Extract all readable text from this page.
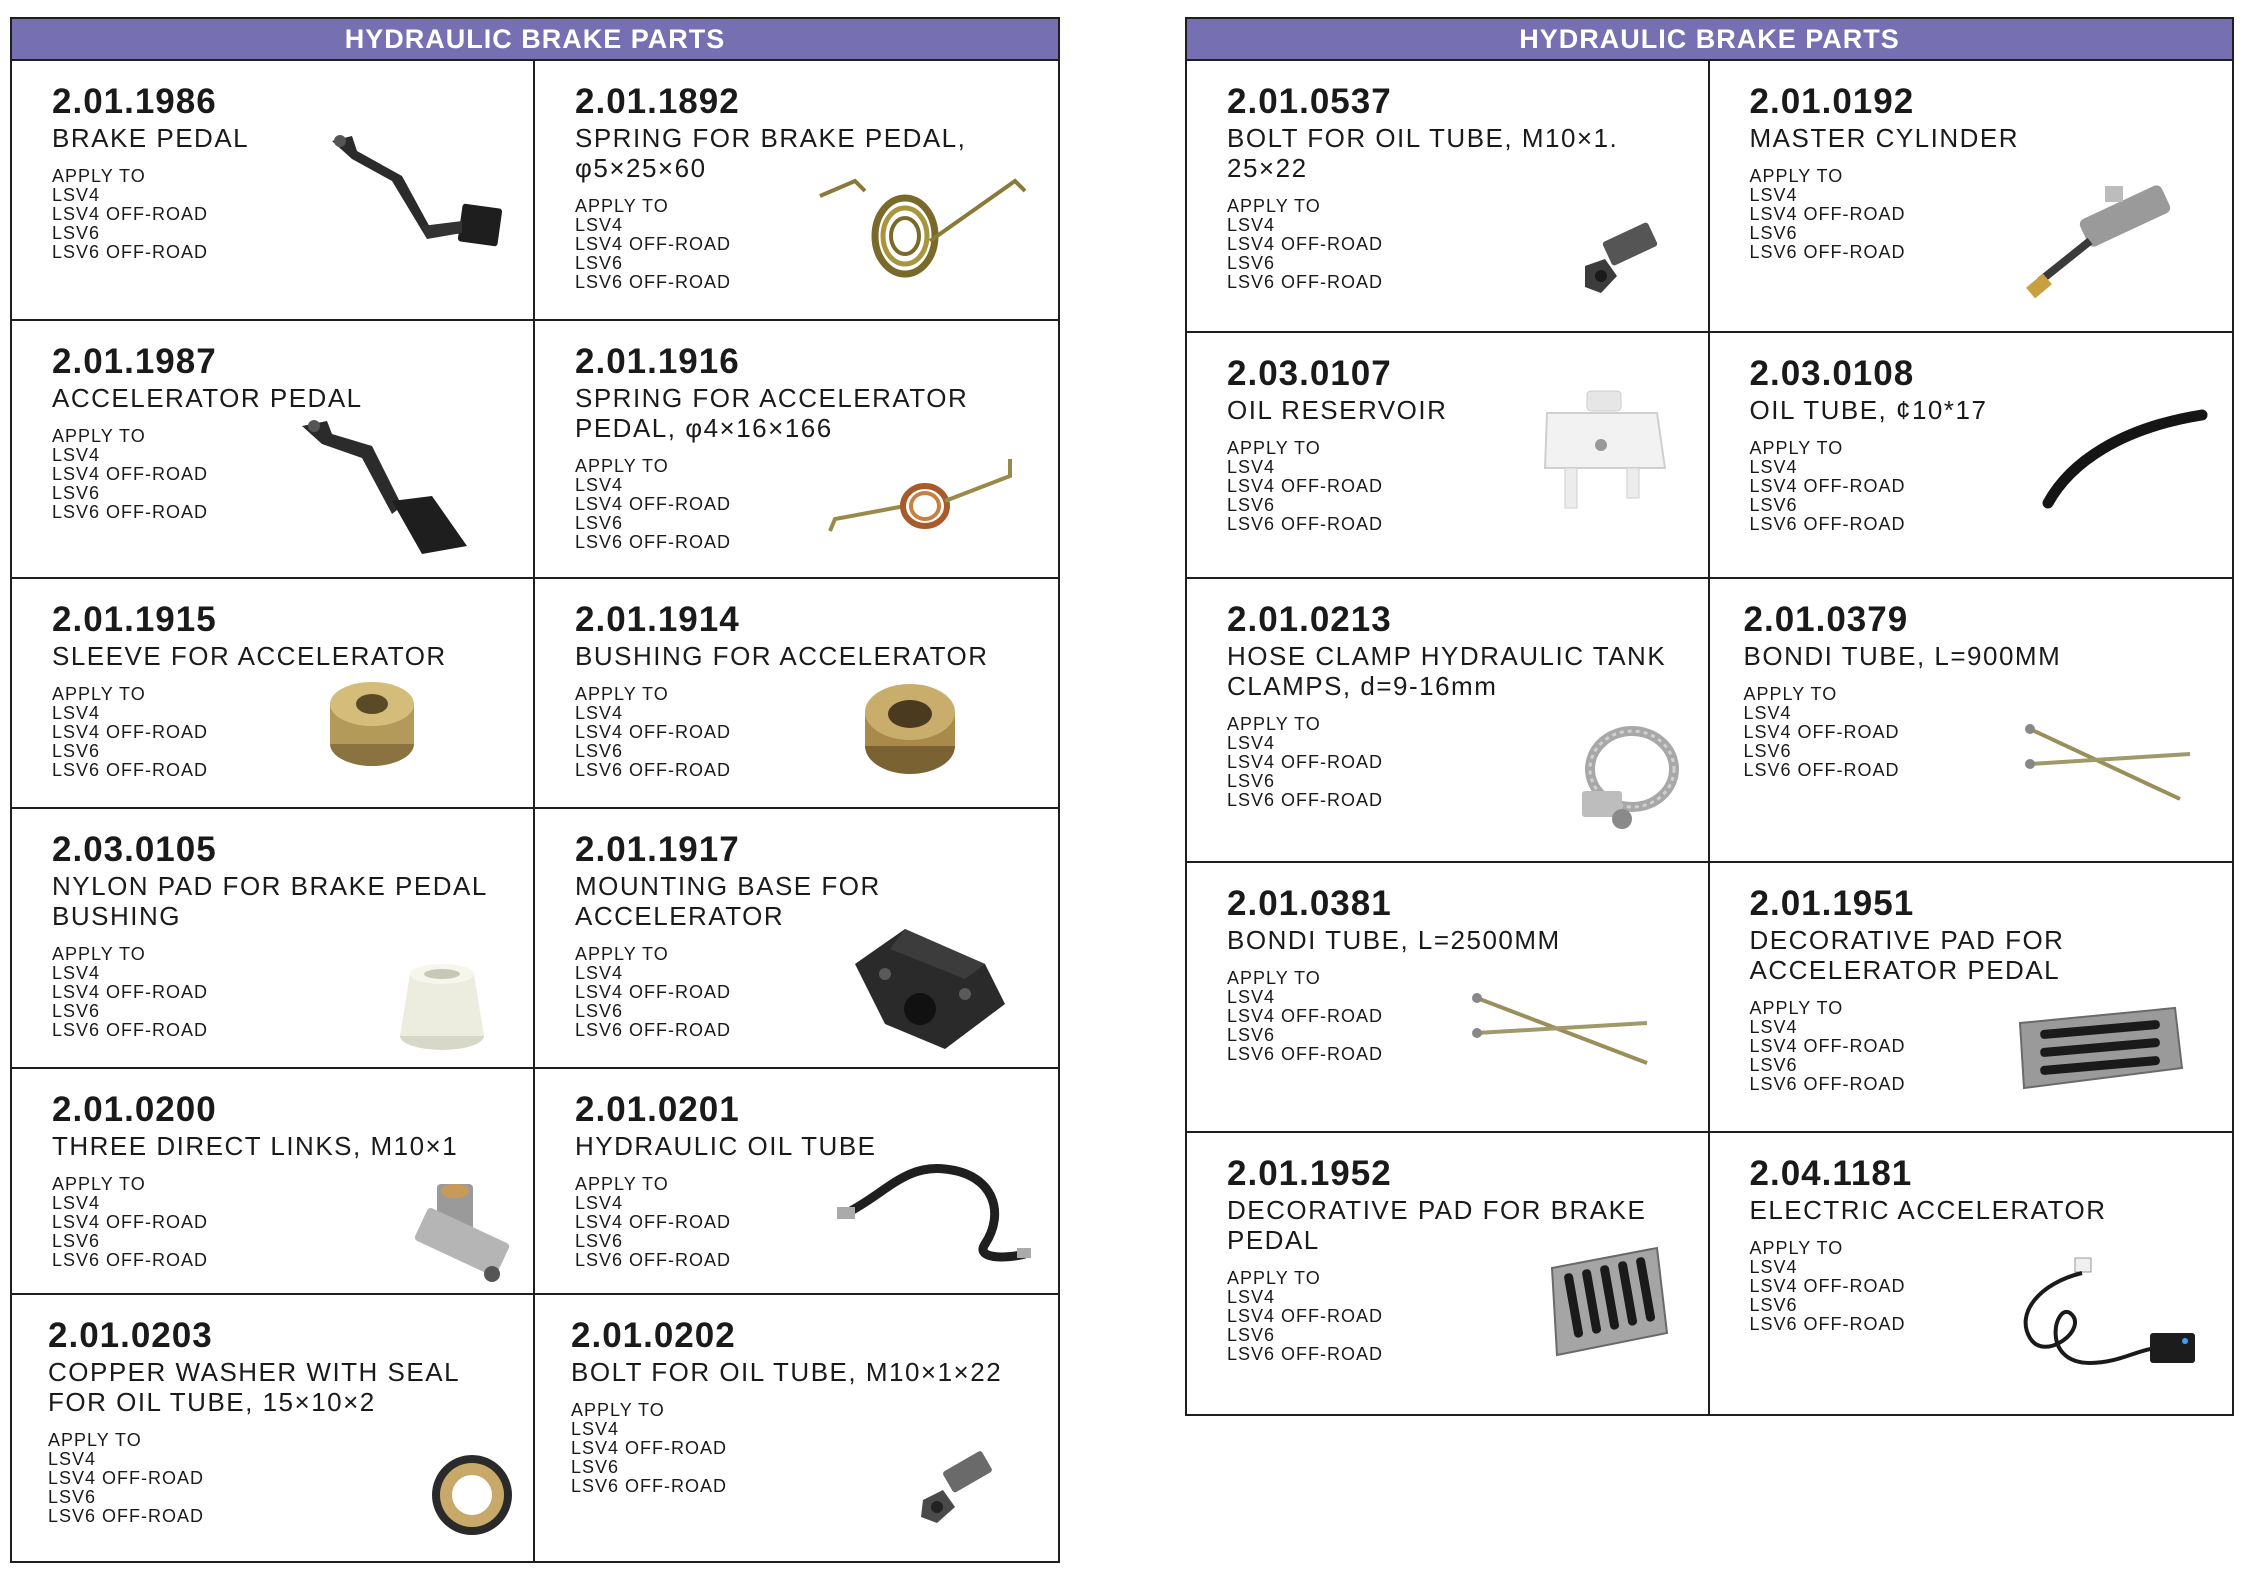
HYDRAULIC BRAKE PARTS
2.01.1986
BRAKE PEDAL
APPLY TO
LSV4
LSV4 OFF-ROAD
LSV6
LSV6 OFF-ROAD
2.01.1892
SPRING FOR BRAKE PEDAL, φ5×25×60
APPLY TO
LSV4
LSV4 OFF-ROAD
LSV6
LSV6 OFF-ROAD
2.01.1987
ACCELERATOR PEDAL
APPLY TO
LSV4
LSV4 OFF-ROAD
LSV6
LSV6 OFF-ROAD
2.01.1916
SPRING FOR ACCELERATOR PEDAL, φ4×16×166
APPLY TO
LSV4
LSV4 OFF-ROAD
LSV6
LSV6 OFF-ROAD
2.01.1915
SLEEVE FOR ACCELERATOR
APPLY TO
LSV4
LSV4 OFF-ROAD
LSV6
LSV6 OFF-ROAD
2.01.1914
BUSHING FOR ACCELERATOR
APPLY TO
LSV4
LSV4 OFF-ROAD
LSV6
LSV6 OFF-ROAD
2.03.0105
NYLON PAD FOR BRAKE PEDAL BUSHING
APPLY TO
LSV4
LSV4 OFF-ROAD
LSV6
LSV6 OFF-ROAD
2.01.1917
MOUNTING BASE FOR ACCELERATOR
APPLY TO
LSV4
LSV4 OFF-ROAD
LSV6
LSV6 OFF-ROAD
2.01.0200
THREE DIRECT LINKS, M10×1
APPLY TO
LSV4
LSV4 OFF-ROAD
LSV6
LSV6 OFF-ROAD
2.01.0201
HYDRAULIC OIL TUBE
APPLY TO
LSV4
LSV4 OFF-ROAD
LSV6
LSV6 OFF-ROAD
2.01.0203
COPPER WASHER WITH SEAL FOR OIL TUBE, 15×10×2
APPLY TO
LSV4
LSV4 OFF-ROAD
LSV6
LSV6 OFF-ROAD
2.01.0202
BOLT FOR OIL TUBE, M10×1×22
APPLY TO
LSV4
LSV4 OFF-ROAD
LSV6
LSV6 OFF-ROAD
HYDRAULIC BRAKE PARTS
2.01.0537
BOLT FOR OIL TUBE, M10×1. 25×22
APPLY TO
LSV4
LSV4 OFF-ROAD
LSV6
LSV6 OFF-ROAD
2.01.0192
MASTER CYLINDER
APPLY TO
LSV4
LSV4 OFF-ROAD
LSV6
LSV6 OFF-ROAD
2.03.0107
OIL RESERVOIR
APPLY TO
LSV4
LSV4 OFF-ROAD
LSV6
LSV6 OFF-ROAD
2.03.0108
OIL TUBE, ¢10*17
APPLY TO
LSV4
LSV4 OFF-ROAD
LSV6
LSV6 OFF-ROAD
2.01.0213
HOSE CLAMP HYDRAULIC TANK CLAMPS, d=9-16mm
APPLY TO
LSV4
LSV4 OFF-ROAD
LSV6
LSV6 OFF-ROAD
2.01.0379
BONDI TUBE, L=900MM
APPLY TO
LSV4
LSV4 OFF-ROAD
LSV6
LSV6 OFF-ROAD
2.01.0381
BONDI TUBE, L=2500MM
APPLY TO
LSV4
LSV4 OFF-ROAD
LSV6
LSV6 OFF-ROAD
2.01.1951
DECORATIVE PAD FOR ACCELERATOR PEDAL
APPLY TO
LSV4
LSV4 OFF-ROAD
LSV6
LSV6 OFF-ROAD
2.01.1952
DECORATIVE PAD FOR BRAKE PEDAL
APPLY TO
LSV4
LSV4 OFF-ROAD
LSV6
LSV6 OFF-ROAD
2.04.1181
ELECTRIC ACCELERATOR
APPLY TO
LSV4
LSV4 OFF-ROAD
LSV6
LSV6 OFF-ROAD
